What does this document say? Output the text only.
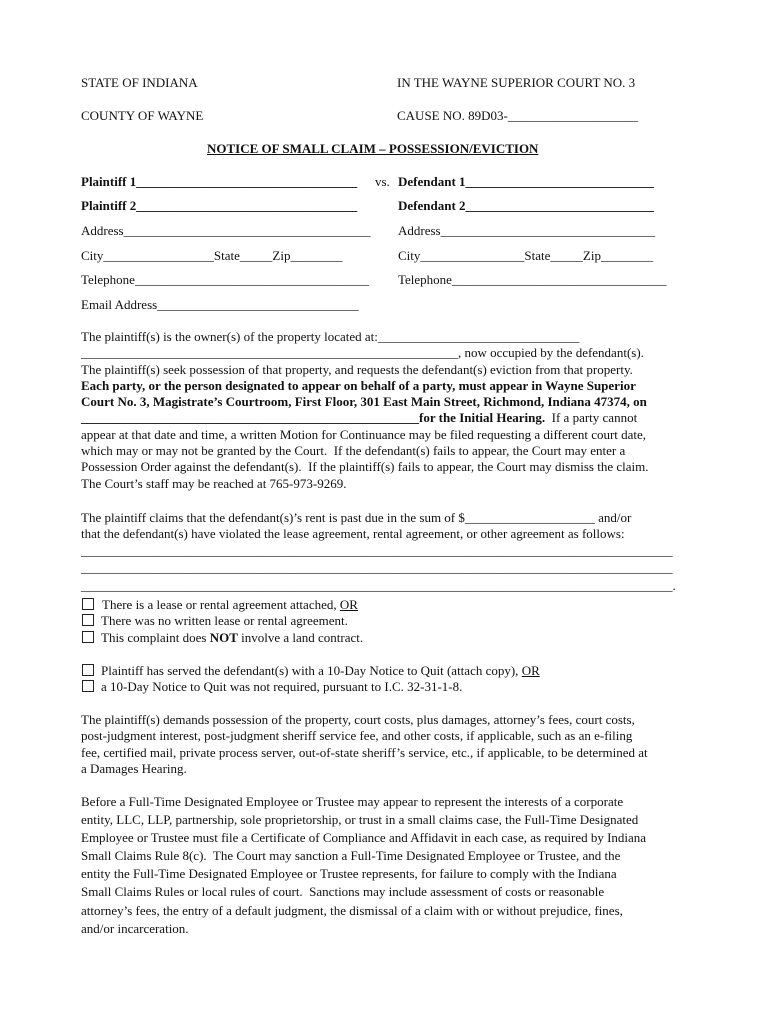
STATE OF INDIANA	IN THE WAYNE SUPERIOR COURT NO. 3
COUNTY OF WAYNE	CAUSE NO. 89D03-____________________
NOTICE OF SMALL CLAIM – POSSESSION/EVICTION
Plaintiff 1__________________________________ vs. Defendant 1_____________________________
Plaintiff 2__________________________________	Defendant 2_____________________________
Address______________________________________ Address_________________________________
City_________________State_____Zip________	City________________State_____Zip________
Telephone____________________________________ Telephone_________________________________
Email Address_______________________________
The plaintiff(s) is the owner(s) of the property located at:_______________________________
__________________________________________________________, now occupied by the defendant(s).
The plaintiff(s) seek possession of that property, and requests the defendant(s) eviction from that property.
Each party, or the person designated to appear on behalf of a party, must appear in Wayne Superior
Court No. 3, Magistrate’s Courtroom, First Floor, 301 East Main Street, Richmond, Indiana 47374, on
____________________________________________________for the Initial Hearing.  If a party cannot
appear at that date and time, a written Motion for Continuance may be filed requesting a different court date,
which may or may not be granted by the Court.  If the defendant(s) fails to appear, the Court may enter a
Possession Order against the defendant(s).  If the plaintiff(s) fails to appear, the Court may dismiss the claim.
The Court’s staff may be reached at 765-973-9269.
The plaintiff claims that the defendant(s)’s rent is past due in the sum of $____________________ and/or
that the defendant(s) have violated the lease agreement, rental agreement, or other agreement as follows:
___________________________________________________________________________________________
___________________________________________________________________________________________
___________________________________________________________________________________________.
There is a lease or rental agreement attached, OR
There was no written lease or rental agreement.
This complaint does NOT involve a land contract.
Plaintiff has served the defendant(s) with a 10-Day Notice to Quit (attach copy), OR
a 10-Day Notice to Quit was not required, pursuant to I.C. 32-31-1-8.
The plaintiff(s) demands possession of the property, court costs, plus damages, attorney’s fees, court costs,
post-judgment interest, post-judgment sheriff service fee, and other costs, if applicable, such as an e-filing
fee, certified mail, private process server, out-of-state sheriff’s service, etc., if applicable, to be determined at
a Damages Hearing.
Before a Full-Time Designated Employee or Trustee may appear to represent the interests of a corporate
entity, LLC, LLP, partnership, sole proprietorship, or trust in a small claims case, the Full-Time Designated
Employee or Trustee must file a Certificate of Compliance and Affidavit in each case, as required by Indiana
Small Claims Rule 8(c).  The Court may sanction a Full-Time Designated Employee or Trustee, and the
entity the Full-Time Designated Employee or Trustee represents, for failure to comply with the Indiana
Small Claims Rules or local rules of court.  Sanctions may include assessment of costs or reasonable
attorney’s fees, the entry of a default judgment, the dismissal of a claim with or without prejudice, fines,
and/or incarceration.
